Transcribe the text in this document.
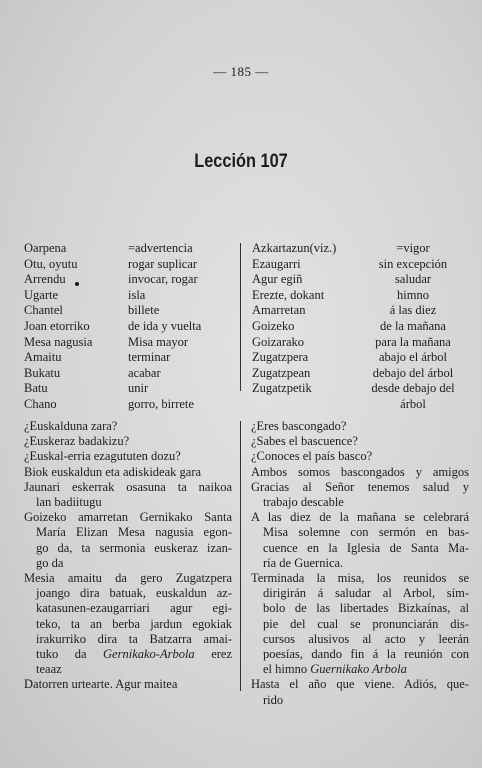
— 185 —
Lección 107
Oarpena	=advertencia
Otu, oyutu	rogar suplicar
Arrendu	invocar, rogar
Ugarte	isla
Chantel	billete
Joan etorriko	de ida y vuelta
Mesa nagusia	Misa mayor
Amaitu	terminar
Bukatu	acabar
Batu	unir
Chano	gorro, birrete
Azkartazun(viz.)	=vigor
Ezaugarri	sin excepción
Agur egiñ	saludar
Erezte, dokant	himno
Amarretan	á las diez
Goizeko	de la mañana
Goizarako	para la mañana
Zugatzpera	abajo el árbol
Zugatzpean	debajo del árbol
Zugatzpetik	desde debajo del
árbol
¿Euskalduna zara?
¿Euskeraz badakizu?
¿Euskal-erria ezagututen dozu?
Biok euskaldun eta adiskideak gara
Jaunari eskerrak osasuna ta naikoa
lan badiitugu
Goizeko amarretan Gernikako Santa
María Elizan Mesa nagusia egon-
go da, ta sermonia euskeraz izan-
go da
Mesia amaitu da gero Zugatzpera
joango dira batuak, euskaldun az-
katasunen-ezaugarriari agur egi-
teko, ta an berba jardun egokiak
irakurriko dira ta Batzarra amai-
tuko da Gernikako-Arbola erez
teaaz
Datorren urtearte. Agur maitea
¿Eres bascongado?
¿Sabes el bascuence?
¿Conoces el país basco?
Ambos somos bascongados y amigos
Gracias al Señor tenemos salud y
trabajo descable
A las diez de la mañana se celebrará
Misa solemne con sermón en bas-
cuence en la Iglesia de Santa Ma-
ría de Guernica.
Terminada la misa, los reunidos se
dirigirán á saludar al Arbol, sím-
bolo de las libertades Bizkaínas, al
pie del cual se pronunciarán dis-
cursos alusivos al acto y leerán
poesías, dando fin á la reunión con
el himno Guernikako Arbola
Hasta el año que viene. Adiós, que-
rido
